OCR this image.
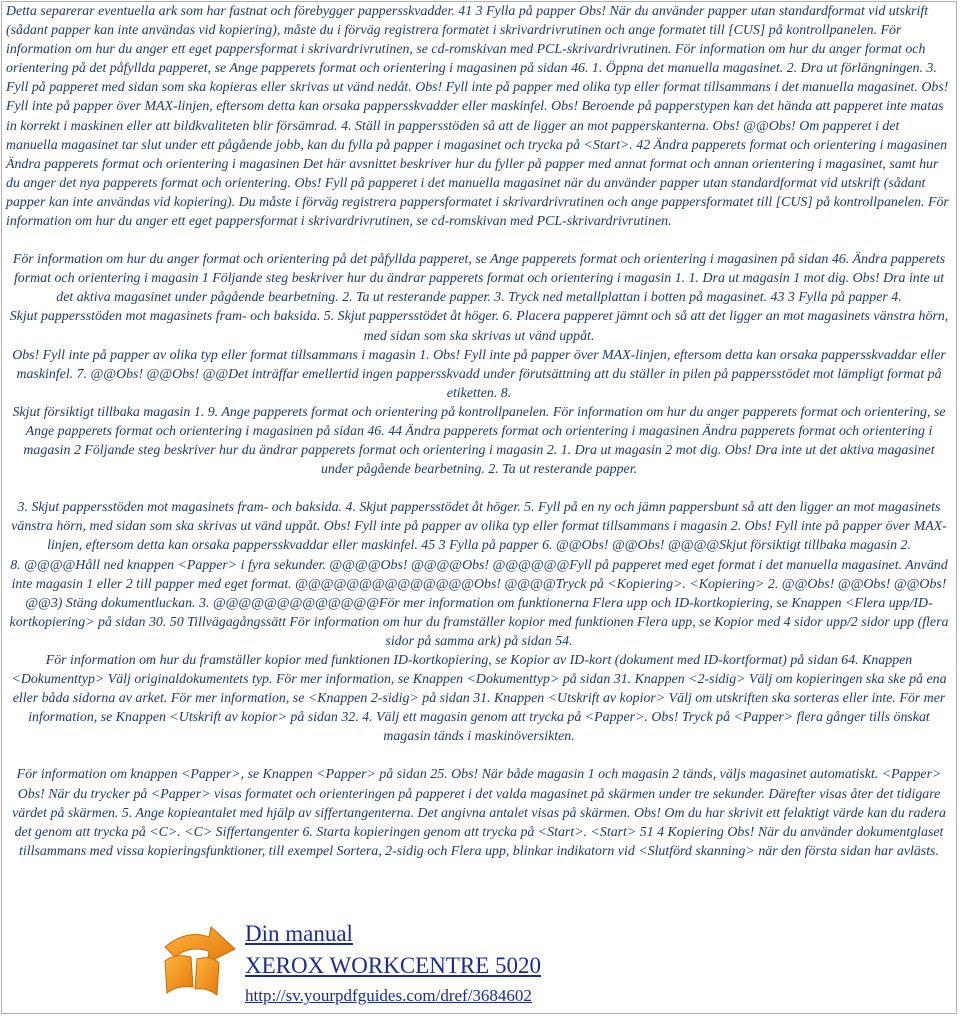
Detta separerar eventuella ark som har fastnat och förebygger pappersskvadder. 41 3 Fylla på papper Obs! När du använder papper utan standardformat vid utskrift (sådant papper kan inte användas vid kopiering), måste du i förväg registrera formatet i skrivardrivrutinen och ange formatet till [CUS] på kontrollpanelen. För information om hur du anger ett eget pappersformat i skrivardrivrutinen, se cd-romskivan med PCL-skrivardrivrutinen. För information om hur du anger format och orientering på det påfyllda papperet, se Ange papperets format och orientering i magasinen på sidan 46. 1. Öppna det manuella magasinet. 2. Dra ut förlängningen. 3. Fyll på papperet med sidan som ska kopieras eller skrivas ut vänd nedåt. Obs! Fyll inte på papper med olika typ eller format tillsammans i det manuella magasinet. Obs! Fyll inte på papper över MAX-linjen, eftersom detta kan orsaka pappersskvadder eller maskinfel. Obs! Beroende på papperstypen kan det hända att papperet inte matas in korrekt i maskinen eller att bildkvaliteten blir försämrad. 4. Ställ in pappersstöden så att de ligger an mot papperskanterna. Obs! @@Obs! Om papperet i det manuella magasinet tar slut under ett pågående jobb, kan du fylla på papper i magasinet och trycka på <Start>. 42 Ändra papperets format och orientering i magasinen Ändra papperets format och orientering i magasinen Det här avsnittet beskriver hur du fyller på papper med annat format och annan orientering i magasinet, samt hur du anger det nya papperets format och orientering. Obs! Fyll på papperet i det manuella magasinet när du använder papper utan standardformat vid utskrift (sådant papper kan inte användas vid kopiering). Du måste i förväg registrera pappersformatet i skrivardrivrutinen och ange pappersformatet till [CUS] på kontrollpanelen. För information om hur du anger ett eget pappersformat i skrivardrivrutinen, se cd-romskivan med PCL-skrivardrivrutinen.

För information om hur du anger format och orientering på det påfyllda papperet, se Ange papperets format och orientering i magasinen på sidan 46. Ändra papperets format och orientering i magasin 1 Följande steg beskriver hur du ändrar papperets format och orientering i magasin 1. 1. Dra ut magasin 1 mot dig. Obs! Dra inte ut det aktiva magasinet under pågående bearbetning. 2. Ta ut resterande papper. 3. Tryck ned metallplattan i botten på magasinet. 43 3 Fylla på papper 4.

Skjut pappersstöden mot magasinets fram- och baksida. 5. Skjut pappersstödet åt höger. 6. Placera papperet jämnt och så att det ligger an mot magasinets vänstra hörn, med sidan som ska skrivas ut vänd uppåt.

Obs! Fyll inte på papper av olika typ eller format tillsammans i magasin 1. Obs! Fyll inte på papper över MAX-linjen, eftersom detta kan orsaka pappersskvaddar eller maskinfel. 7. @@Obs! @@Obs! @@Det inträffar emellertid ingen pappersskvadd under förutsättning att du ställer in pilen på pappersstödet mot lämpligt format på etiketten. 8.

Skjut försiktigt tillbaka magasin 1. 9. Ange papperets format och orientering på kontrollpanelen. För information om hur du anger papperets format och orientering, se Ange papperets format och orientering i magasinen på sidan 46. 44 Ändra papperets format och orientering i magasinen Ändra papperets format och orientering i magasin 2 Följande steg beskriver hur du ändrar papperets format och orientering i magasin 2. 1. Dra ut magasin 2 mot dig. Obs! Dra inte ut det aktiva magasinet under pågående bearbetning. 2. Ta ut resterande papper.

3. Skjut pappersstöden mot magasinets fram- och baksida. 4. Skjut pappersstödet åt höger. 5. Fyll på en ny och jämn pappersbunt så att den ligger an mot magasinets vänstra hörn, med sidan som ska skrivas ut vänd uppåt. Obs! Fyll inte på papper av olika typ eller format tillsammans i magasin 2. Obs! Fyll inte på papper över MAX-linjen, eftersom detta kan orsaka pappersskvaddar eller maskinfel. 45 3 Fylla på papper 6. @@Obs! @@Obs! @@@@Skjut försiktigt tillbaka magasin 2.

8. @@@@Håll ned knappen <Papper> i fyra sekunder. @@@@Obs! @@@@Obs! @@@@@@Fyll på papperet med eget format i det manuella magasinet. Använd inte magasin 1 eller 2 till papper med eget format. @@@@@@@@@@@@@@Obs! @@@@Tryck på <Kopiering>. <Kopiering> 2. @@Obs! @@Obs! @@Obs! @@3) Stäng dokumentluckan. 3. @@@@@@@@@@@@@För mer information om funktionerna Flera upp och ID-kortkopiering, se Knappen <Flera upp/ID-kortkopiering> på sidan 30. 50 Tillvägagångssätt För information om hur du framställer kopior med funktionen Flera upp, se Kopior med 4 sidor upp/2 sidor upp (flera sidor på samma ark) på sidan 54.

För information om hur du framställer kopior med funktionen ID-kortkopiering, se Kopior av ID-kort (dokument med ID-kortformat) på sidan 64. Knappen <Dokumenttyp> Välj originaldokumentets typ. För mer information, se Knappen <Dokumenttyp> på sidan 31. Knappen <2-sidig> Välj om kopieringen ska ske på ena eller båda sidorna av arket. För mer information, se <Knappen 2-sidig> på sidan 31. Knappen <Utskrift av kopior> Välj om utskriften ska sorteras eller inte. För mer information, se Knappen <Utskrift av kopior> på sidan 32. 4. Välj ett magasin genom att trycka på <Papper>. Obs! Tryck på <Papper> flera gånger tills önskat magasin tänds i maskinöversikten.

För information om knappen <Papper>, se Knappen <Papper> på sidan 25. Obs! När både magasin 1 och magasin 2 tänds, väljs magasinet automatiskt. <Papper> Obs! När du trycker på <Papper> visas formatet och orienteringen på papperet i det valda magasinet på skärmen under tre sekunder. Därefter visas åter det tidigare värdet på skärmen. 5. Ange kopieantalet med hjälp av siffertangenterna. Det angivna antalet visas på skärmen. Obs! Om du har skrivit ett felaktigt värde kan du radera det genom att trycka på <C>. <C> Siffertangenter 6. Starta kopieringen genom att trycka på <Start>. <Start> 51 4 Kopiering Obs! När du använder dokumentglaset tillsammans med vissa kopieringsfunktioner, till exempel Sortera, 2-sidig och Flera upp, blinkar indikatorn vid <Slutförd skanning> när den första sidan har avlästs.

Din manual
XEROX WORKCENTRE 5020
http://sv.yourpdfguides.com/dref/3684602
